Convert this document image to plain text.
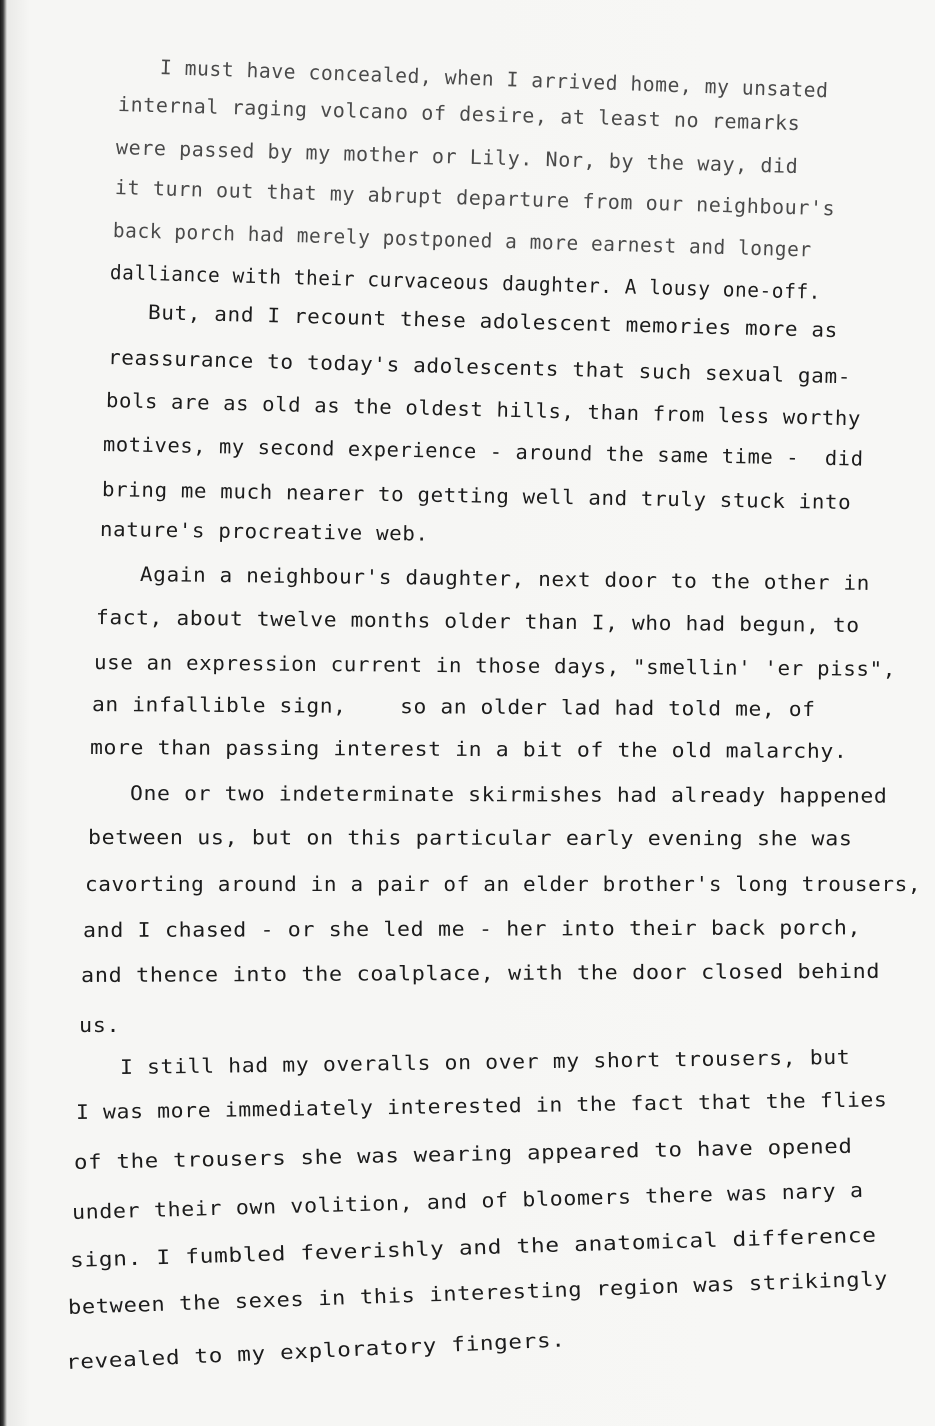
I must have concealed, when I arrived home, my unsated
internal raging volcano of desire, at least no remarks
were passed by my mother or Lily. Nor, by the way, did
it turn out that my abrupt departure from our neighbour's
back porch had merely postponed a more earnest and longer
dalliance with their curvaceous daughter. A lousy one-off.
But, and I recount these adolescent memories more as
reassurance to today's adolescents that such sexual gam-
bols are as old as the oldest hills, than from less worthy
motives, my second experience - around the same time -  did
bring me much nearer to getting well and truly stuck into
nature's procreative web.
Again a neighbour's daughter, next door to the other in
fact, about twelve months older than I, who had begun, to
use an expression current in those days, "smellin' 'er piss",
an infallible sign,    so an older lad had told me, of
more than passing interest in a bit of the old malarchy.
One or two indeterminate skirmishes had already happened
between us, but on this particular early evening she was
cavorting around in a pair of an elder brother's long trousers,
and I chased - or she led me - her into their back porch,
and thence into the coalplace, with the door closed behind
us.
I still had my overalls on over my short trousers, but
I was more immediately interested in the fact that the flies
of the trousers she was wearing appeared to have opened
under their own volition, and of bloomers there was nary a
sign. I fumbled feverishly and the anatomical difference
between the sexes in this interesting region was strikingly
revealed to my exploratory fingers.
